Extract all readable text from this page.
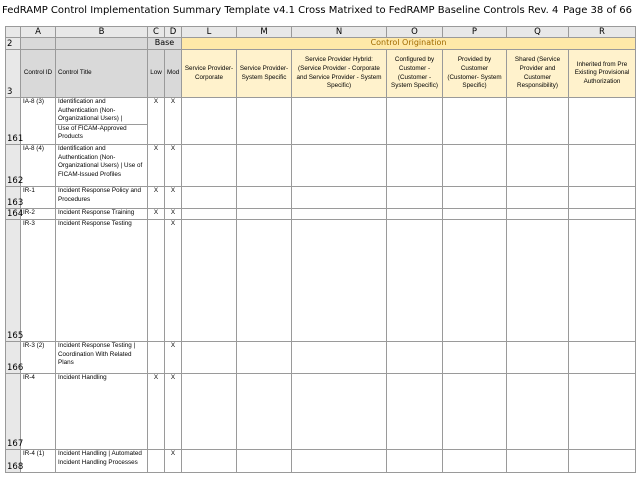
FedRAMP Control Implementation Summary Template v4.1 Cross Matrixed to FedRAMP Baseline Controls Rev. 4 Page 38 of 66
	A	B	C	D	L	M	N	O	P	Q	R
2			Base		Control Origination						
3	Control ID	Control Title	Low	Mod	Service Provider-Corporate	Service Provider-System Specific	Service Provider Hybrid: (Service Provider - Corporate and Service Provider - System Specific)	Configured by Customer - (Customer - System Specific)	Provided by Customer (Customer- System Specific)	Shared (Service Provider and Customer Responsibility)	Inherited from Pre Existing Provisional Authorization
161	IA-8 (3)	Identification and Authentication (Non-Organizational Users) |
Use of FICAM-Approved Products	X	X							
162	IA-8 (4)	Identification and Authentication (Non-Organizational Users) | Use of FICAM-Issued Profiles	X	X							
163	IR-1	Incident Response Policy and Procedures	X	X							
164	IR-2	Incident Response Training	X	X							
165	IR-3	Incident Response Testing		X							
166	IR-3 (2)	Incident Response Testing | Coordination With Related Plans		X							
167	IR-4	Incident Handling	X	X							
168	IR-4 (1)	Incident Handling | Automated Incident Handling Processes		X							
